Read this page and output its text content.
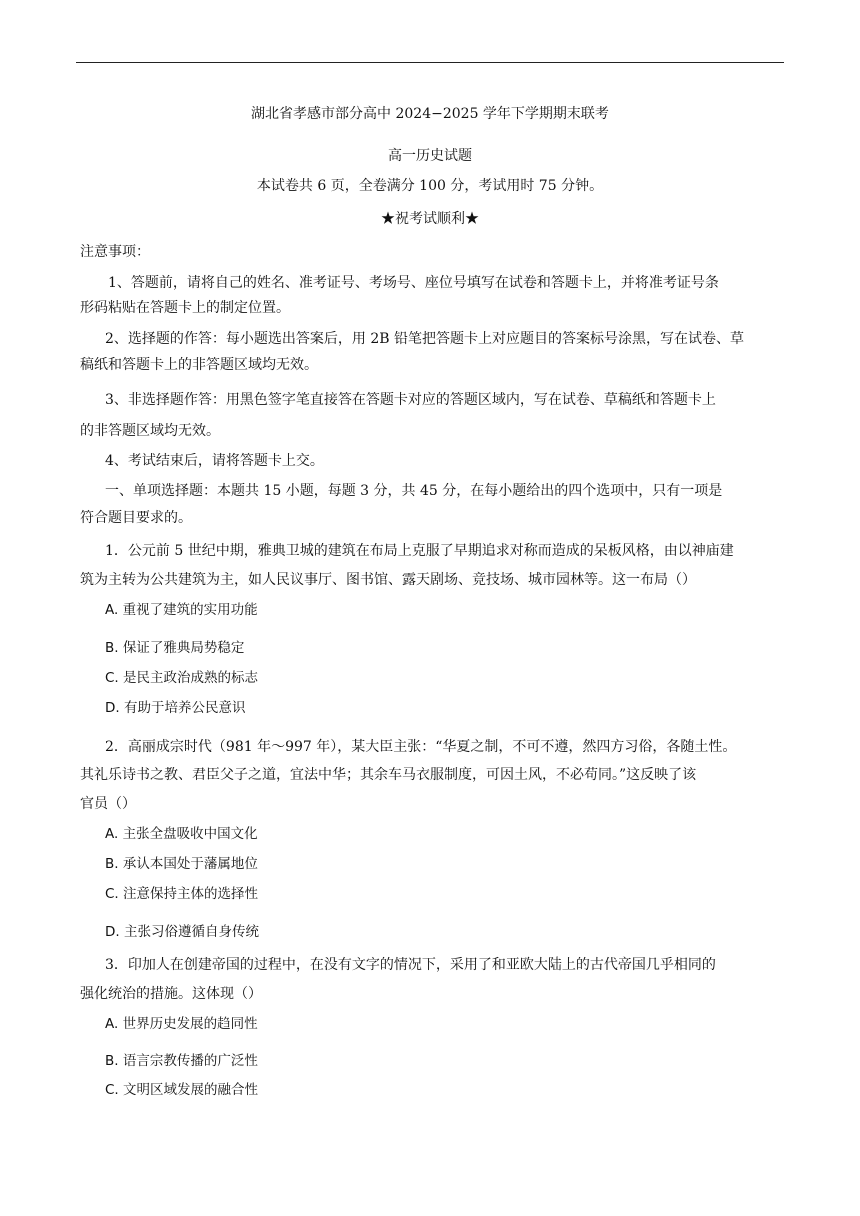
湖北省孝感市部分高中 2024−2025 学年下学期期末联考
高一历史试题
本试卷共 6 页，全卷满分 100 分，考试用时 75 分钟。
★祝考试顺利★
注意事项：
1、答题前，请将自己的姓名、准考证号、考场号、座位号填写在试卷和答题卡上，并将准考证号条
形码粘贴在答题卡上的制定位置。
2、选择题的作答：每小题选出答案后，用 2B 铅笔把答题卡上对应题目的答案标号涂黑，写在试卷、草
稿纸和答题卡上的非答题区域均无效。
3、非选择题作答：用黑色签字笔直接答在答题卡对应的答题区域内，写在试卷、草稿纸和答题卡上
的非答题区域均无效。
4、考试结束后，请将答题卡上交。
一、单项选择题：本题共 15 小题，每题 3 分，共 45 分，在每小题给出的四个选项中，只有一项是
符合题目要求的。
1．公元前 5 世纪中期，雅典卫城的建筑在布局上克服了早期追求对称而造成的呆板风格，由以神庙建
筑为主转为公共建筑为主，如人民议事厅、图书馆、露天剧场、竞技场、城市园林等。这一布局（）
A. 重视了建筑的实用功能
B. 保证了雅典局势稳定
C. 是民主政治成熟的标志
D. 有助于培养公民意识
2．高丽成宗时代（981 年～997 年），某大臣主张：“华夏之制，不可不遵，然四方习俗，各随土性。
其礼乐诗书之教、君臣父子之道，宜法中华；其余车马衣服制度，可因土风，不必苟同。”这反映了该
官员（）
A. 主张全盘吸收中国文化
B. 承认本国处于藩属地位
C. 注意保持主体的选择性
D. 主张习俗遵循自身传统
3．印加人在创建帝国的过程中，在没有文字的情况下，采用了和亚欧大陆上的古代帝国几乎相同的
强化统治的措施。这体现（）
A. 世界历史发展的趋同性
B. 语言宗教传播的广泛性
C. 文明区域发展的融合性
